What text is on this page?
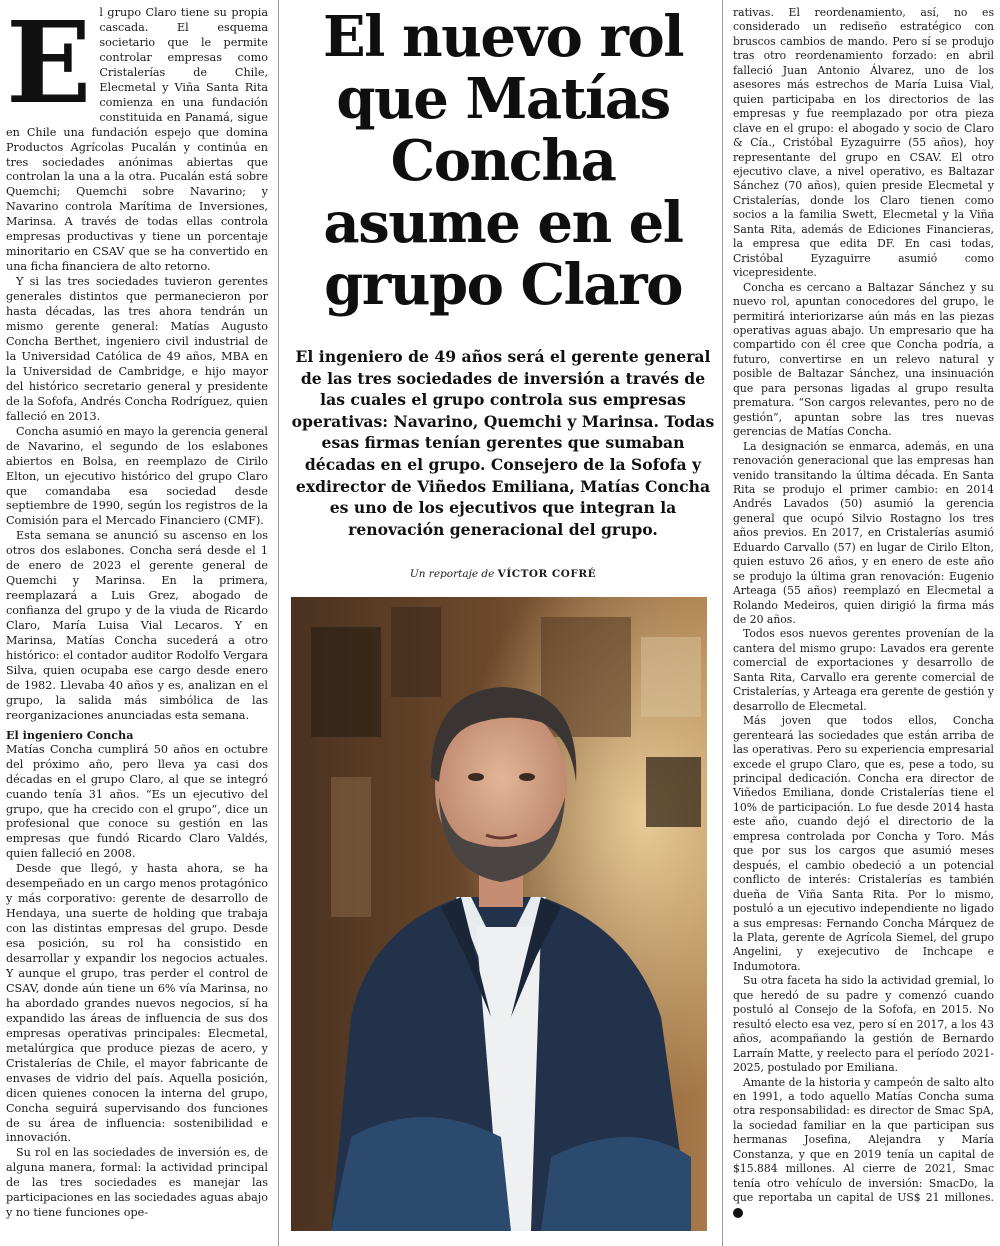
El grupo Claro tiene su propia cascada. El esquema societario que le permite controlar empresas como Cristalerías de Chile, Elecmetal y Viña Santa Rita comienza en una fundación constituida en Panamá, sigue en Chile una fundación espejo que domina Productos Agrícolas Pucalán y continúa en tres sociedades anónimas abiertas que controlan la una a la otra. Pucalán está sobre Quemchi; Quemchi sobre Navarino; y Navarino controla Marítima de Inversiones, Marinsa. A través de todas ellas controla empresas productivas y tiene un porcentaje minoritario en CSAV que se ha convertido en una ficha financiera de alto retorno.

Y si las tres sociedades tuvieron gerentes generales distintos que permanecieron por hasta décadas, las tres ahora tendrán un mismo gerente general: Matías Augusto Concha Berthet, ingeniero civil industrial de la Universidad Católica de 49 años, MBA en la Universidad de Cambridge, e hijo mayor del histórico secretario general y presidente de la Sofofa, Andrés Concha Rodríguez, quien falleció en 2013.

Concha asumió en mayo la gerencia general de Navarino, el segundo de los eslabones abiertos en Bolsa, en reemplazo de Cirilo Elton, un ejecutivo histórico del grupo Claro que comandaba esa sociedad desde septiembre de 1990, según los registros de la Comisión para el Mercado Financiero (CMF).

Esta semana se anunció su ascenso en los otros dos eslabones. Concha será desde el 1 de enero de 2023 el gerente general de Quemchi y Marinsa. En la primera, reemplazará a Luis Grez, abogado de confianza del grupo y de la viuda de Ricardo Claro, María Luisa Vial Lecaros. Y en Marinsa, Matías Concha sucederá a otro histórico: el contador auditor Rodolfo Vergara Silva, quien ocupaba ese cargo desde enero de 1982. Llevaba 40 años y es, analizan en el grupo, la salida más simbólica de las reorganizaciones anunciadas esta semana.

El ingeniero Concha

Matías Concha cumplirá 50 años en octubre del próximo año, pero lleva ya casi dos décadas en el grupo Claro, al que se integró cuando tenía 31 años. “Es un ejecutivo del grupo, que ha crecido con el grupo”, dice un profesional que conoce su gestión en las empresas que fundó Ricardo Claro Valdés, quien falleció en 2008.

Desde que llegó, y hasta ahora, se ha desempeñado en un cargo menos protagónico y más corporativo: gerente de desarrollo de Hendaya, una suerte de holding que trabaja con las distintas empresas del grupo. Desde esa posición, su rol ha consistido en desarrollar y expandir los negocios actuales. Y aunque el grupo, tras perder el control de CSAV, donde aún tiene un 6% vía Marinsa, no ha abordado grandes nuevos negocios, sí ha expandido las áreas de influencia de sus dos empresas operativas principales: Elecmetal, metalúrgica que produce piezas de acero, y Cristalerías de Chile, el mayor fabricante de envases de vidrio del país. Aquella posición, dicen quienes conocen la interna del grupo, Concha seguirá supervisando dos funciones de su área de influencia: sostenibilidad e innovación.

Su rol en las sociedades de inversión es, de alguna manera, formal: la actividad principal de las tres sociedades es manejar las participaciones en las sociedades aguas abajo y no tiene funciones ope-

El nuevo rol que Matías Concha asume en el grupo Claro

El ingeniero de 49 años será el gerente general de las tres sociedades de inversión a través de las cuales el grupo controla sus empresas operativas: Navarino, Quemchi y Marinsa. Todas esas firmas tenían gerentes que sumaban décadas en el grupo. Consejero de la Sofofa y exdirector de Viñedos Emiliana, Matías Concha es uno de los ejecutivos que integran la renovación generacional del grupo.

Un reportaje de VÍCTOR COFRÉ

rativas. El reordenamiento, así, no es considerado un rediseño estratégico con bruscos cambios de mando. Pero sí se produjo tras otro reordenamiento forzado: en abril falleció Juan Antonio Álvarez, uno de los asesores más estrechos de María Luisa Vial, quien participaba en los directorios de las empresas y fue reemplazado por otra pieza clave en el grupo: el abogado y socio de Claro & Cía., Cristóbal Eyzaguirre (55 años), hoy representante del grupo en CSAV. El otro ejecutivo clave, a nivel operativo, es Baltazar Sánchez (70 años), quien preside Elecmetal y Cristalerías, donde los Claro tienen como socios a la familia Swett, Elecmetal y la Viña Santa Rita, además de Ediciones Financieras, la empresa que edita DF. En casi todas, Cristóbal Eyzaguirre asumió como vicepresidente.

Concha es cercano a Baltazar Sánchez y su nuevo rol, apuntan conocedores del grupo, le permitirá interiorizarse aún más en las piezas operativas aguas abajo. Un empresario que ha compartido con él cree que Concha podría, a futuro, convertirse en un relevo natural y posible de Baltazar Sánchez, una insinuación que para personas ligadas al grupo resulta prematura. “Son cargos relevantes, pero no de gestión”, apuntan sobre las tres nuevas gerencias de Matías Concha.

La designación se enmarca, además, en una renovación generacional que las empresas han venido transitando la última década. En Santa Rita se produjo el primer cambio: en 2014 Andrés Lavados (50) asumió la gerencia general que ocupó Silvio Rostagno los tres años previos. En 2017, en Cristalerías asumió Eduardo Carvallo (57) en lugar de Cirilo Elton, quien estuvo 26 años, y en enero de este año se produjo la última gran renovación: Eugenio Arteaga (55 años) reemplazó en Elecmetal a Rolando Medeiros, quien dirigió la firma más de 20 años.

Todos esos nuevos gerentes provenían de la cantera del mismo grupo: Lavados era gerente comercial de exportaciones y desarrollo de Santa Rita, Carvallo era gerente comercial de Cristalerías, y Arteaga era gerente de gestión y desarrollo de Elecmetal.

Más joven que todos ellos, Concha gerenteará las sociedades que están arriba de las operativas. Pero su experiencia empresarial excede el grupo Claro, que es, pese a todo, su principal dedicación. Concha era director de Viñedos Emiliana, donde Cristalerías tiene el 10% de participación. Lo fue desde 2014 hasta este año, cuando dejó el directorio de la empresa controlada por Concha y Toro. Más que por sus los cargos que asumió meses después, el cambio obedeció a un potencial conflicto de interés: Cristalerías es también dueña de Viña Santa Rita. Por lo mismo, postuló a un ejecutivo independiente no ligado a sus empresas: Fernando Concha Márquez de la Plata, gerente de Agrícola Siemel, del grupo Angelini, y exejecutivo de Inchcape e Indumotora.

Su otra faceta ha sido la actividad gremial, lo que heredó de su padre y comenzó cuando postuló al Consejo de la Sofofa, en 2015. No resultó electo esa vez, pero sí en 2017, a los 43 años, acompañando la gestión de Bernardo Larraín Matte, y reelecto para el período 2021-2025, postulado por Emiliana.

Amante de la historia y campeón de salto alto en 1991, a todo aquello Matías Concha suma otra responsabilidad: es director de Smac SpA, la sociedad familiar en la que participan sus hermanas Josefina, Alejandra y María Constanza, y que en 2019 tenía un capital de $15.884 millones. Al cierre de 2021, Smac tenía otro vehículo de inversión: SmacDo, la que reportaba un capital de US$ 21 millones. P
